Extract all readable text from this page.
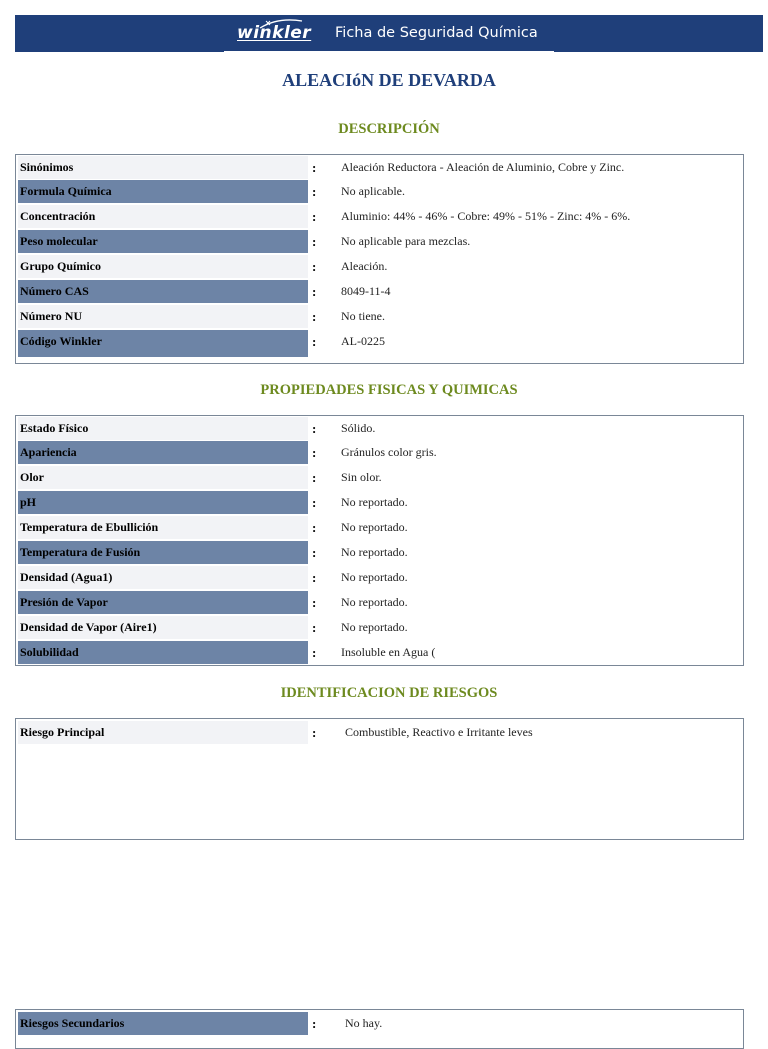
winkler Ficha de Seguridad Química
ALEACIóN DE DEVARDA
DESCRIPCIÓN
Sinónimos	: Aleación Reductora - Aleación de Aluminio, Cobre y Zinc.
Formula Química	: No aplicable.
Concentración	: Aluminio: 44% - 46% - Cobre: 49% - 51% - Zinc: 4% - 6%.
Peso molecular	: No aplicable para mezclas.
Grupo Químico	: Aleación.
Número CAS	: 8049-11-4
Número NU	: No tiene.
Código Winkler	: AL-0225
PROPIEDADES FISICAS Y QUIMICAS
Estado Físico	: Sólido.
Apariencia	: Gránulos color gris.
Olor	: Sin olor.
pH	: No reportado.
Temperatura de Ebullición	: No reportado.
Temperatura de Fusión	: No reportado.
Densidad (Agua1)	: No reportado.
Presión de Vapor	: No reportado.
Densidad de Vapor (Aire1)	: No reportado.
Solubilidad	: Insoluble en Agua (
IDENTIFICACION DE RIESGOS
Riesgo Principal	: Combustible, Reactivo e Irritante leves
Riesgos Secundarios	: No hay.
